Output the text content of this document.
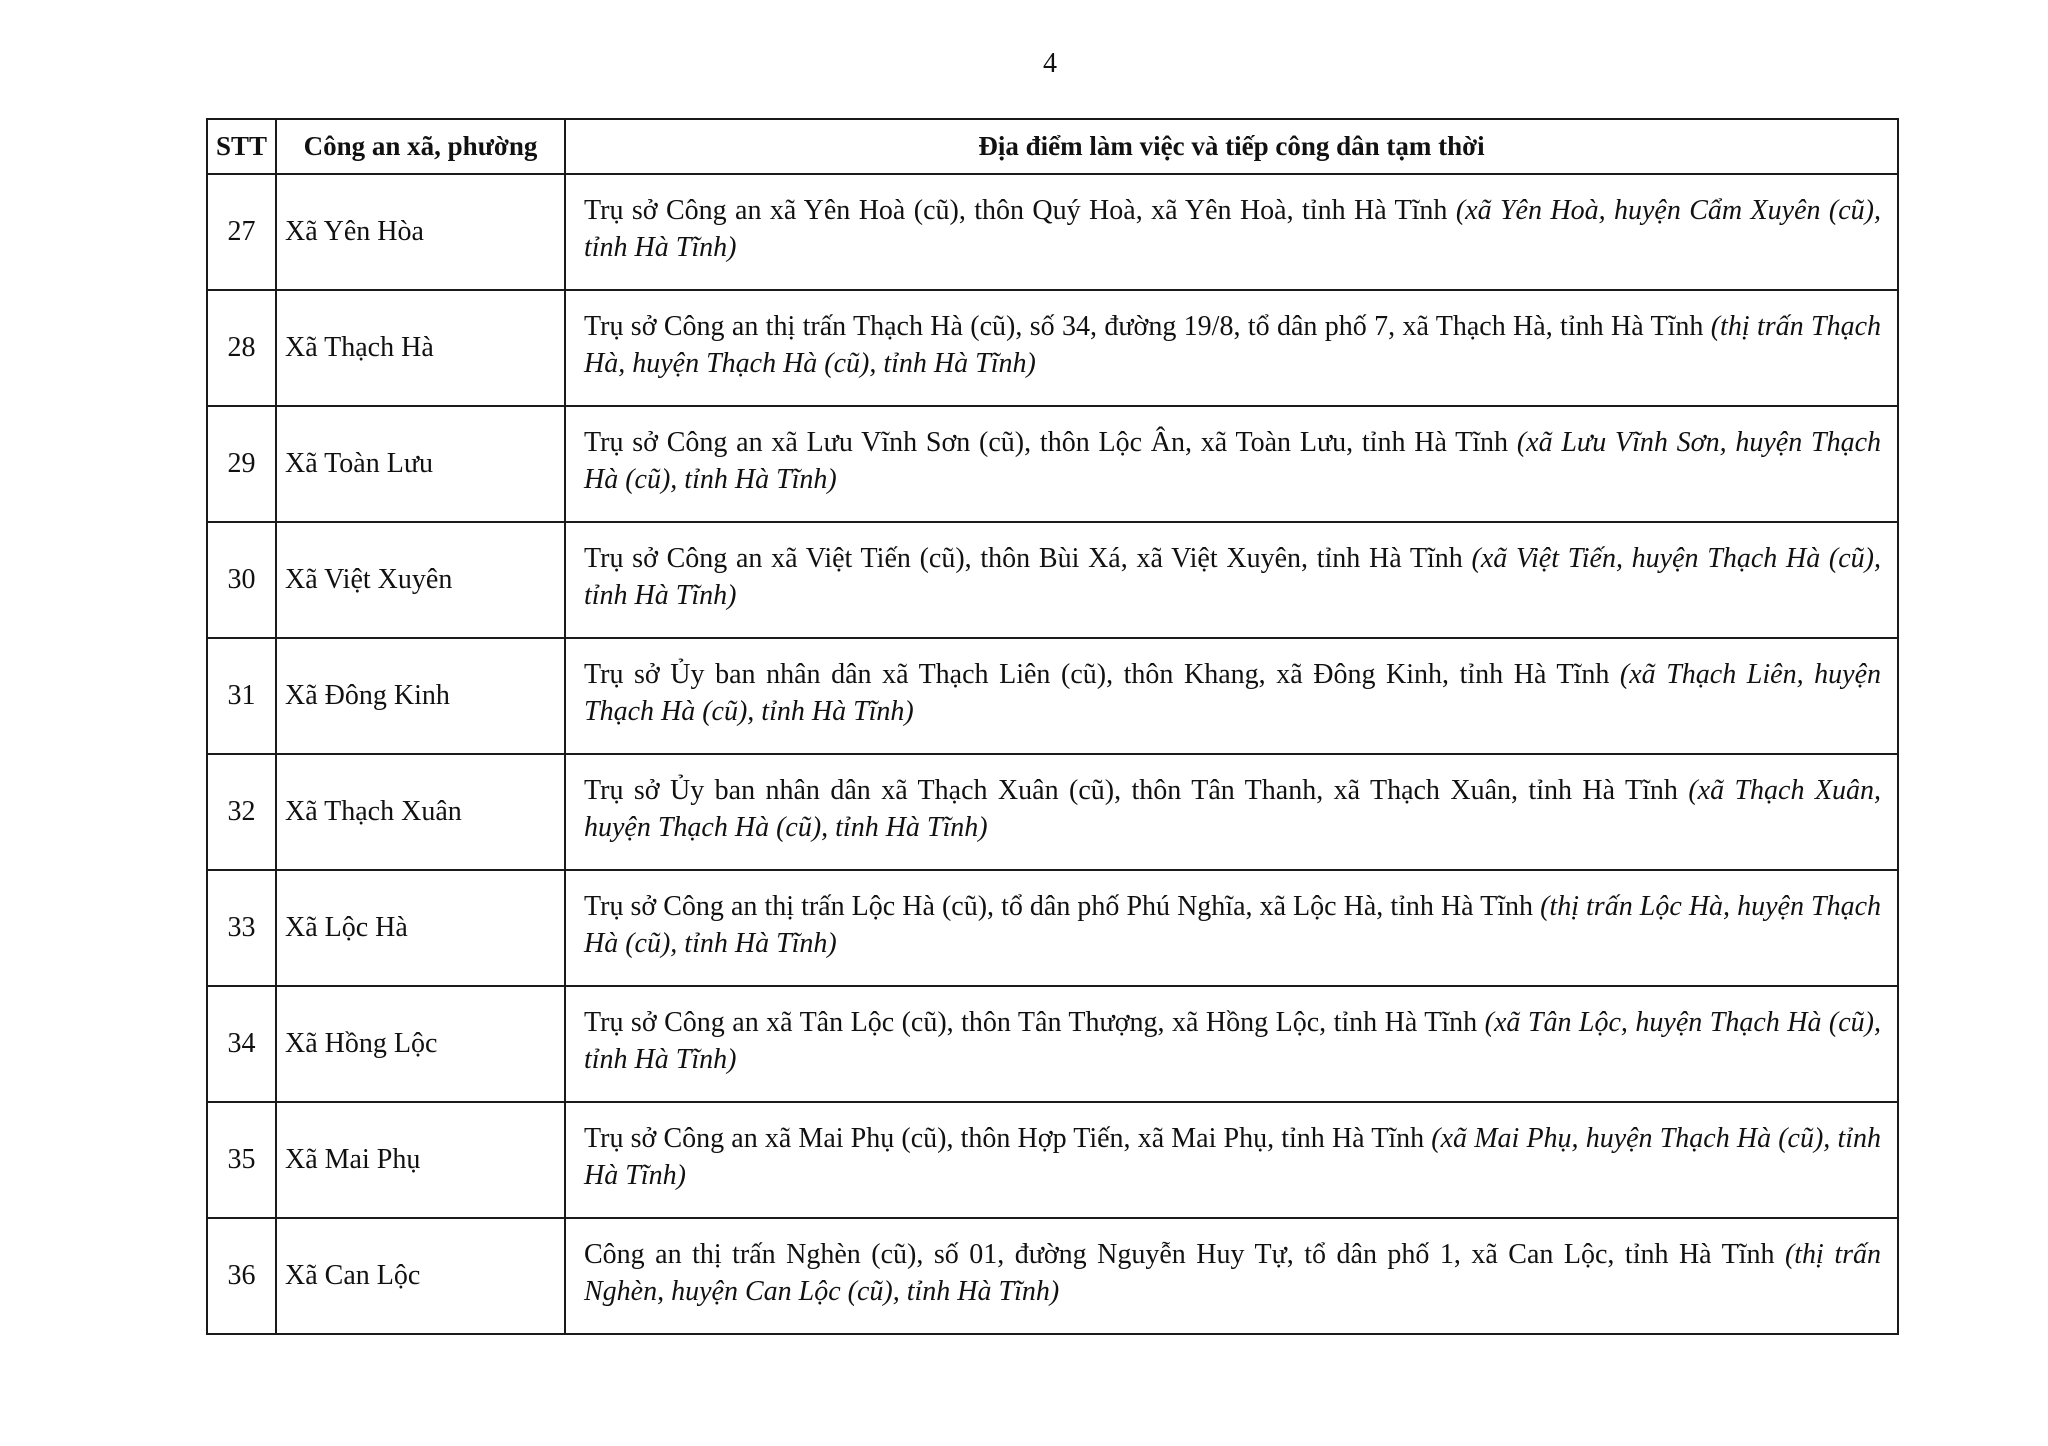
4
STT	Công an xã, phường	Địa điểm làm việc và tiếp công dân tạm thời
27	Xã Yên Hòa	Trụ sở Công an xã Yên Hoà (cũ), thôn Quý Hoà, xã Yên Hoà, tỉnh Hà Tĩnh (xã Yên Hoà, huyện Cẩm Xuyên (cũ), tỉnh Hà Tĩnh)
28	Xã Thạch Hà	Trụ sở Công an thị trấn Thạch Hà (cũ), số 34, đường 19/8, tổ dân phố 7, xã Thạch Hà, tỉnh Hà Tĩnh (thị trấn Thạch Hà, huyện Thạch Hà (cũ), tỉnh Hà Tĩnh)
29	Xã Toàn Lưu	Trụ sở Công an xã Lưu Vĩnh Sơn (cũ), thôn Lộc Ân, xã Toàn Lưu, tỉnh Hà Tĩnh (xã Lưu Vĩnh Sơn, huyện Thạch Hà (cũ), tỉnh Hà Tĩnh)
30	Xã Việt Xuyên	Trụ sở Công an xã Việt Tiến (cũ), thôn Bùi Xá, xã Việt Xuyên, tỉnh Hà Tĩnh (xã Việt Tiến, huyện Thạch Hà (cũ), tỉnh Hà Tĩnh)
31	Xã Đông Kinh	Trụ sở Ủy ban nhân dân xã Thạch Liên (cũ), thôn Khang, xã Đông Kinh, tỉnh Hà Tĩnh (xã Thạch Liên, huyện Thạch Hà (cũ), tỉnh Hà Tĩnh)
32	Xã Thạch Xuân	Trụ sở Ủy ban nhân dân xã Thạch Xuân (cũ), thôn Tân Thanh, xã Thạch Xuân, tỉnh Hà Tĩnh (xã Thạch Xuân, huyện Thạch Hà (cũ), tỉnh Hà Tĩnh)
33	Xã Lộc Hà	Trụ sở Công an thị trấn Lộc Hà (cũ), tổ dân phố Phú Nghĩa, xã Lộc Hà, tỉnh Hà Tĩnh (thị trấn Lộc Hà, huyện Thạch Hà (cũ), tỉnh Hà Tĩnh)
34	Xã Hồng Lộc	Trụ sở Công an xã Tân Lộc (cũ), thôn Tân Thượng, xã Hồng Lộc, tỉnh Hà Tĩnh (xã Tân Lộc, huyện Thạch Hà (cũ), tỉnh Hà Tĩnh)
35	Xã Mai Phụ	Trụ sở Công an xã Mai Phụ (cũ), thôn Hợp Tiến, xã Mai Phụ, tỉnh Hà Tĩnh (xã Mai Phụ, huyện Thạch Hà (cũ), tỉnh Hà Tĩnh)
36	Xã Can Lộc	Công an thị trấn Nghèn (cũ), số 01, đường Nguyễn Huy Tự, tổ dân phố 1, xã Can Lộc, tỉnh Hà Tĩnh (thị trấn Nghèn, huyện Can Lộc (cũ), tỉnh Hà Tĩnh)
